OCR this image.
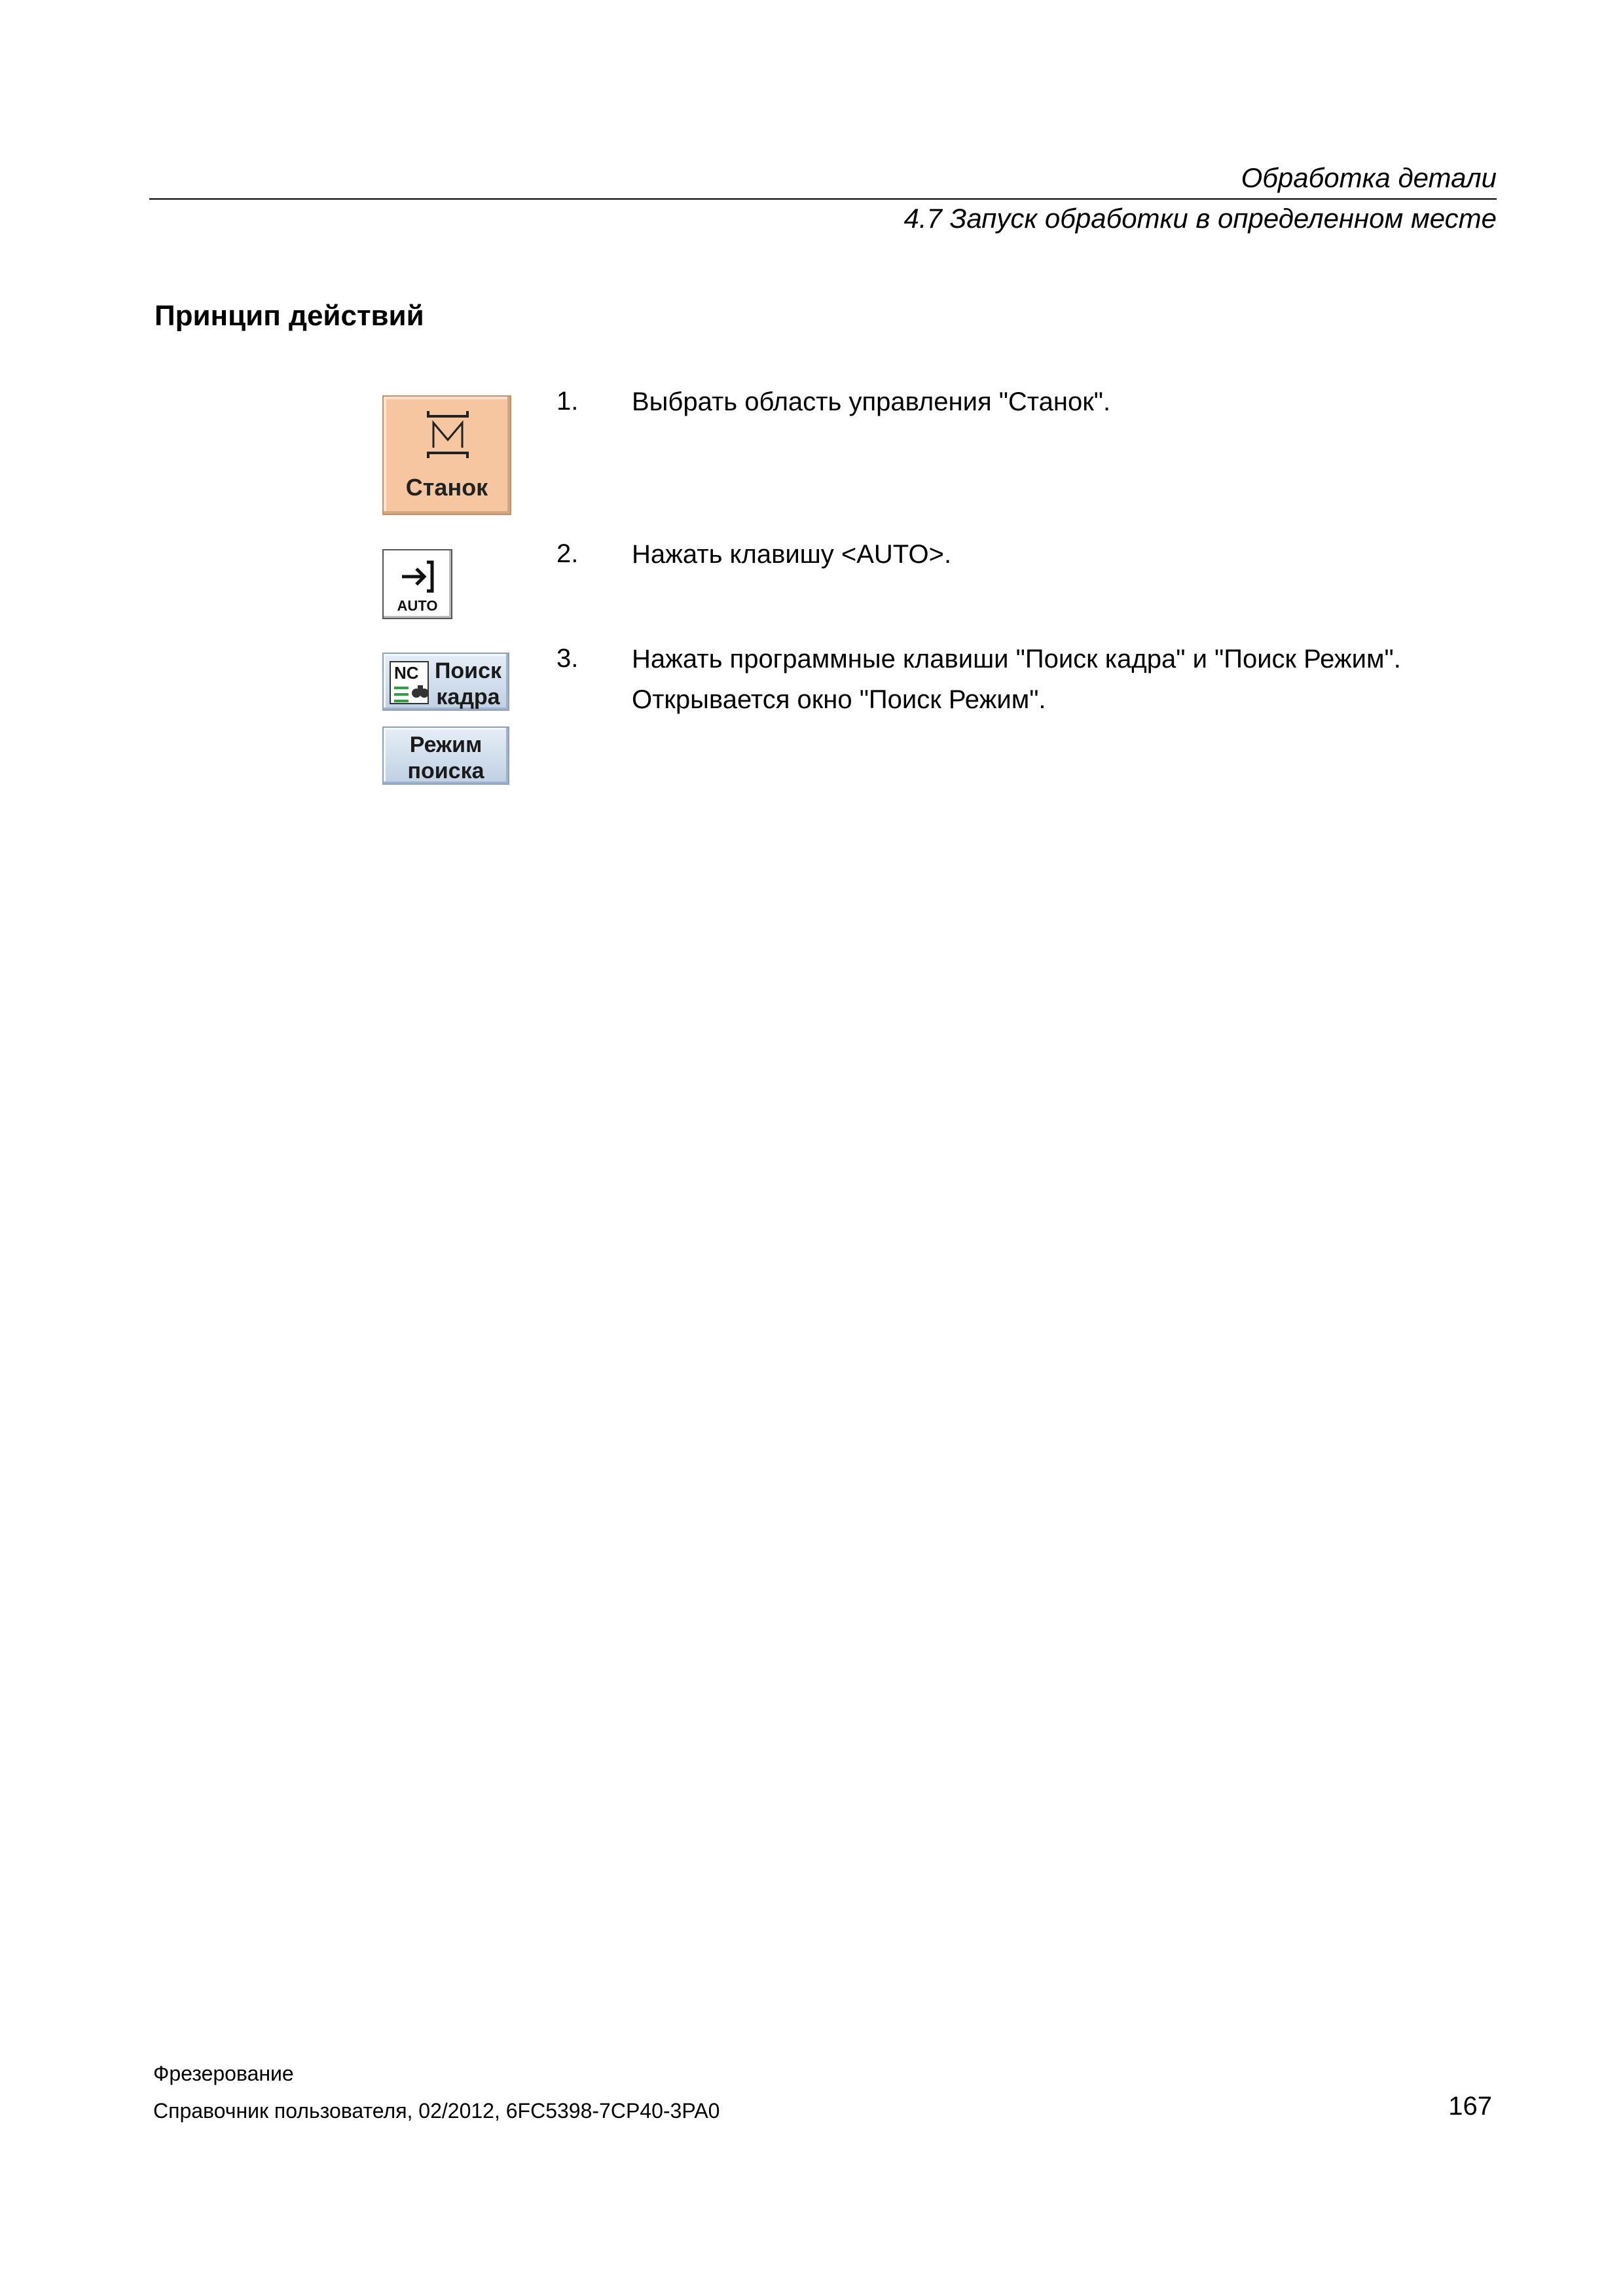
Обработка детали
4.7 Запуск обработки в определенном месте
Принцип действий
Станок
AUTO
NC Поиск
кадра
Режим
поиска
1. Выбрать область управления "Станок".
2. Нажать клавишу <AUTO>.
3. Нажать программные клавиши "Поиск кадра" и "Поиск Режим".
Открывается окно "Поиск Режим".
Фрезерование
Справочник пользователя, 02/2012, 6FC5398-7CP40-3PA0	167
